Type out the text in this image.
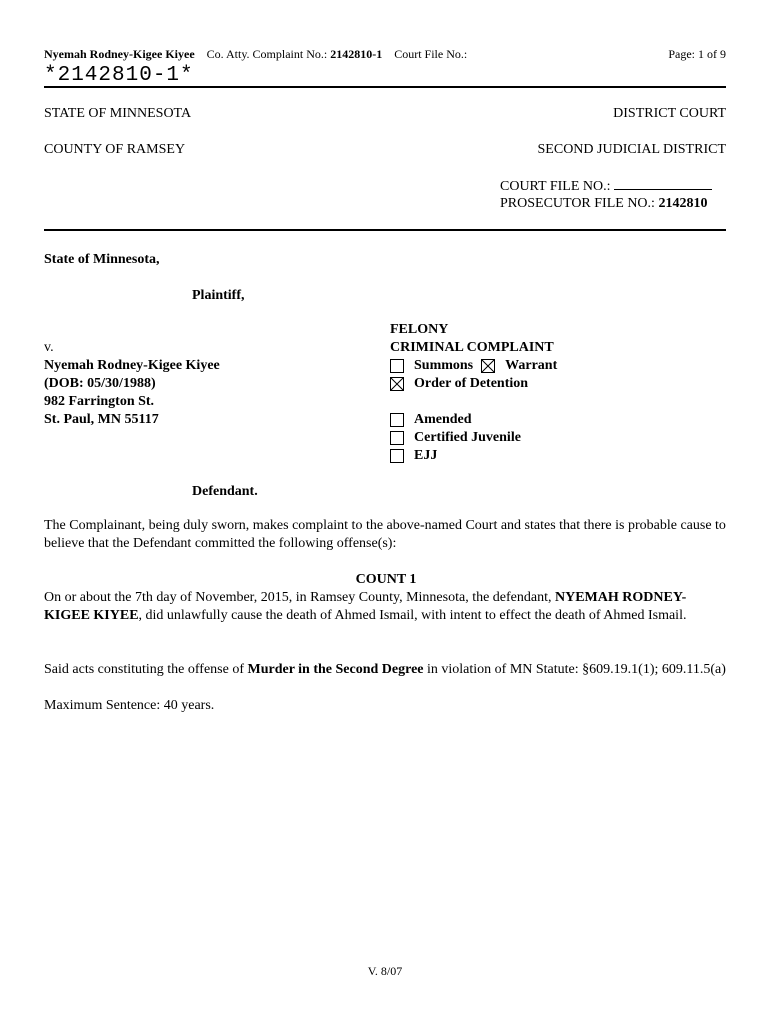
Nyemah Rodney-Kigee Kiyee Co. Atty. Complaint No.: 2142810-1 Court File No.:	Page: 1 of 9
*2142810-1*
STATE OF MINNESOTA	DISTRICT COURT
COUNTY OF RAMSEY	SECOND JUDICIAL DISTRICT
COURT FILE NO.:
PROSECUTOR FILE NO.: 2142810
State of Minnesota,
Plaintiff,
v.
Nyemah Rodney-Kigee Kiyee
(DOB: 05/30/1988)
982 Farrington St.
St. Paul, MN 55117
Defendant.
FELONY
CRIMINAL COMPLAINT
Summons Warrant
Order of Detention
Amended
Certified Juvenile
EJJ
The Complainant, being duly sworn, makes complaint to the above-named Court and states that there is probable cause to believe that the Defendant committed the following offense(s):
COUNT 1
On or about the 7th day of November, 2015, in Ramsey County, Minnesota, the defendant, NYEMAH RODNEY-KIGEE KIYEE, did unlawfully cause the death of Ahmed Ismail, with intent to effect the death of Ahmed Ismail.
Said acts constituting the offense of Murder in the Second Degree in violation of MN Statute: §609.19.1(1); 609.11.5(a)
Maximum Sentence: 40 years.
V. 8/07
